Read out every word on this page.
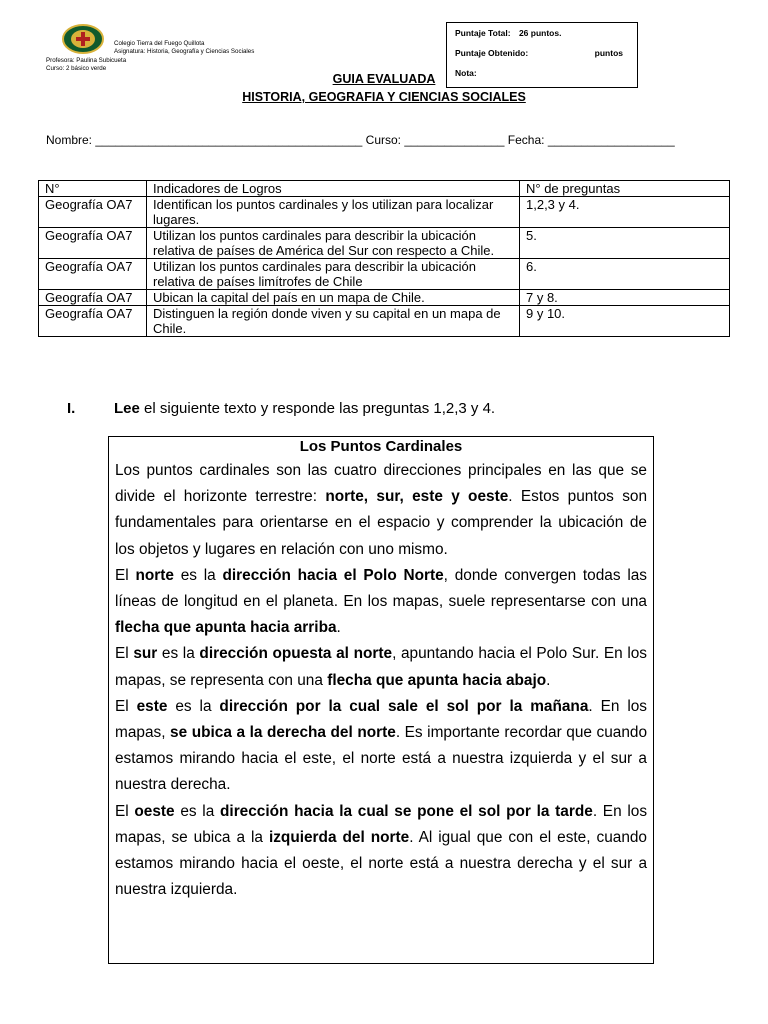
Colegio Tierra del Fuego Quillota
Asignatura: Historia, Geografía y Ciencias Sociales
Profesora: Paulina Subicueta
Curso: 2 básico verde
Puntaje Total: 26 puntos.
Puntaje Obtenido:	puntos
Nota:
GUIA EVALUADA
HISTORIA, GEOGRAFIA Y CIENCIAS SOCIALES
Nombre: ________________________________________ Curso: _______________ Fecha: ___________________
N°	Indicadores de Logros	N° de preguntas
Geografía OA7	Identifican los puntos cardinales y los utilizan para localizar lugares.	1,2,3 y 4.
Geografía OA7	Utilizan los puntos cardinales para describir la ubicación relativa de países de América del Sur con respecto a Chile.	5.
Geografía OA7	Utilizan los puntos cardinales para describir la ubicación relativa de países limítrofes de Chile	6.
Geografía OA7	Ubican la capital del país en un mapa de Chile.	7 y 8.
Geografía OA7	Distinguen la región donde viven y su capital en un mapa de Chile.	9 y 10.
I.	Lee el siguiente texto y responde las preguntas 1,2,3 y 4.
Los Puntos Cardinales

Los puntos cardinales son las cuatro direcciones principales en las que se divide el horizonte terrestre: norte, sur, este y oeste. Estos puntos son fundamentales para orientarse en el espacio y comprender la ubicación de los objetos y lugares en relación con uno mismo.

El norte es la dirección hacia el Polo Norte, donde convergen todas las líneas de longitud en el planeta. En los mapas, suele representarse con una flecha que apunta hacia arriba.

El sur es la dirección opuesta al norte, apuntando hacia el Polo Sur. En los mapas, se representa con una flecha que apunta hacia abajo.

El este es la dirección por la cual sale el sol por la mañana. En los mapas, se ubica a la derecha del norte. Es importante recordar que cuando estamos mirando hacia el este, el norte está a nuestra izquierda y el sur a nuestra derecha.

El oeste es la dirección hacia la cual se pone el sol por la tarde. En los mapas, se ubica a la izquierda del norte. Al igual que con el este, cuando estamos mirando hacia el oeste, el norte está a nuestra derecha y el sur a nuestra izquierda.
